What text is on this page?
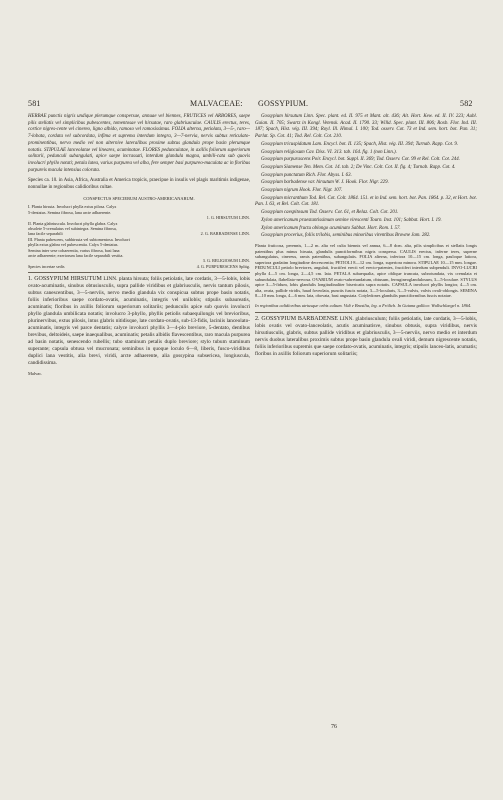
581	MALVACEAE: GOSSYPIUM.	582

HERBAE punctis nigris undique plerumque conspersae, annuae vel biennes, FRUTICES vel ARBORES, saepe pilis stellatis vel simplicibus pubescentes, tomentosae vel hirsutae, raro glabriusculae. CAULIS erectus, teres, cortice nigres-cente vel cinereo, ligno albido, ramoso vel ramosissimus. FOLIA alterna, petiolata, 3—5-, raro—7-lobata, cordata vel subcordata, infima et suprema interdum integra, 3—7-nervia, nervis subtus reticulato-prominentibus, nervo medio vel non alternive lateralibus proxime subtus glandula prope basin plerumque notatis. STIPULAE lanceolatae vel lineares, acuminatae. FLORES pedunculatae, in axillis foliorum superiorum solitarii, pedunculi subangulati, apice saepe incrassati, interdum glandula magna, umbili-cata sub quovis involucri phyllo notati; petala lutea, varius purpurea vel alba, fere semper basi purpureo-maculata ac in floribus purpureis macula intensius colorata.

Species ca. 10. in Asia, Africa, Australia et America tropicis, praecipue in insulis vel plagis maritimis indigenae, nonnullae in regionibus calidioribus cultae.

CONSPECTUS SPECIERUM AUSTRO-AMERICANARUM.
I. Planta hirsuta. Involucri phylla extus pilosa. Calyx
5-dentatus. Semina fibrosa, lana arcte adhaerente.
1. G. HIRSUTUM LINN.
II. Planta glabriuscula. Involucri phylla glabra. Calyx
obsolete 5-crenulatus vel subintegra. Semina fibrosa,
lana facile separabili	2. G. BARBADENSE LINN.
III. Planta pubescens, subhirsuta vel subtomentosa. Involucri
phylla extus glabra vel pubescentia. Calyx 5-dentatus.
Semina inter sese cohaerentia, varius fibrosa, basi lana
arcte adhaerente; exeriorum lana facile separabili vestita.
3. G. RELIGIOSUM LINN.
Species incertae sedis	4. G. PURPURESCENS Splitg.

1. GOSSYPIUM HIRSUTUM LINN. planta hirsuta; foliis petiolatis, late cordatis, 3—5-lobis, lobis ovato-acuminatis, sinubus obtusiusculis, supra pallide viridibus et glabriusculis, nervis tantum pilosis, subtus canescentibus, 3—5-nerviis, nervo medio glandula vix conspicua subtus prope basin notatis, foliis inferioribus saepe cordato-ovatis, acuminatis, integris vel unilobis; stipulis subaureatis, acuminatis; floribus in axillis foliorum superiorum solitariis; pedunculis apice sub quovis involucri phyllo glandula umbilicata notatis; involucro 3-phyllo, phyllis petiolis subaequilongis vel brevioribus, plurinervibus, extus pilosis, intus glabris nitidisque, late cordato-ovatis, sub-13-fidis, laciniis lanceolato-acuminatis, integris vel parce dentatis; calyce involucri phyllis 3—4-plo breviore, 5-dentato, dentibus brevibus, deltoideis, saepe inaequalibus, acuminatis; petalis albidis flavescentibus, raro macula purpurea ad basin notatis, senescendo rubellis; tubo staminum petalis duplo breviore; stylo tubum staminum superante; capsula obtusa vel mucronata; seminibus in quoque loculo 6—8, liberis, fusco-viridibus duplici lana vestitis, alia brevi, viridi, arcte adhaerente, alia gossypina subsericea, longiuscula, candidissima.

Malvac.

Gossypium hirsutum Linn. Spec. plant. ed. II. 975 et Mant. alt. 436; Ait. Hort. Kew. ed. II. IV. 223; Aubl. Guian. II. 705; Swartz in Kongl. Vetensk. Acad. II. 1790. 33; Willd. Spec. plant. III. 806; Roxb. Flor. Ind. III. 187; Spach, Hist. vég. III. 394; Royl. Ill. Himal. I. 100; Tod. osserv. Cot. 73 et Ind. sem. hort. bot. Pan. 31; Parlat. Sp. Cot. 41; Tod. Rel. Colt. Cot. 210.

Gossypium tricuspidatum Lam. Encycl. bot. II. 135; Spach, Hist. vég. III. 394; Turnab. Rapp. Cot. 9.

Gossypium religiosum Cav. Diss. VI. 313. tab. 164. fig. 1 (non Linn.).

Gossypium purpurascens Poir. Encycl. bot. Suppl. II. 369; Tod. Osserv. Cot. 99 et Rel. Colt. Cot. 244.

Gossypium Siamense Ten. Mem. Cot. 14. tab. 2; De Vinc. Colt. Cot. II. fig. 4; Turnab. Rapp. Cot. 4.

Gossypium punctatum Rich. Flor. Abyss. I. 63.

Gossypium barbadense var. hirsutum W. J. Hook. Flor. Nigr. 229.

Gossypium nigrum Hook. Flor. Nigr. 107.

Gossypium micranthum Tod. Rel. Cot. Colt. 1864. 151. et in Ind. sem. hort. bot. Pan. 1864. p. 32, et Hort. bot. Pan. I. 63, et Rel. Colt. Cot. 181.

Gossypium caespitosum Tod. Osserv. Cot. 61, et Relaz. Colt. Cot. 201.

Xylon americanum praestantissimum semine virescenti Tourn. Inst. 101; Sabbat. Hort. I. 19.

Xylon americanum fructu oblongo acuminato Sabbat. Hort. Rom. I. 57.

Gossypium procerius, foliis trilobis, seminibus minoribus virentibus Browne Jam. 282.

Planta fruticosa, perennis, 1—2 m. alta vel culta biennis vel annua, 6—8 dcm. alta, pilis simplicibus et stellatis longis patentibus plus minus hirsuta, glandulis punctiformibus nigris conspersa. CAULIS erectus, inferne teres, superne subangulatus, cinereus, ramis patentibus, subangulatis. FOLIA alterna, inferiora 10—15 cm. longa, pauloque latiora, superiora gradatim longitudine decrescentia; PETIOLI 8—12 cm. longa, superiora minora. STIPULAE 10—15 mm. longae. PEDUNCULI petiolo breviores, angulati, fructiferi erecti vel erecto-patentes, fructiferi interdum subpenduli. INVO-LUCRI phylla 4—5 cm. longa, 2—4,5 cm. lata. PETALA subaequalia, apice oblique truncata, subrotundata, vix crenulata et subundulata, flabellato-nervosa. OVARIUM ovato-subretundatum, obtusum, ferrugineoglandulosum, 3—5-loculare. STYLUS apice 3—5-fidum, lobis glandulis longitudinaliter bisericatis supra notatis. CAPSULA involucri phyllis longior, 4—5 cm. alta, ovata, pallide viridis, haud foveolata, punctis fuscis notata, 3—5-locularis, 3—5-valvis, valvis ovali-oblongis. SEMINA 8—10 mm. longa, 4—6 mm. lata, obovata, basi angustata. Cotyledones glandulis punctiformibus fuscis notatae.

In regionibus calidioribus utriusque orbis cultum. Vidi e Brasilia, leg. a Frölich. In Guiana gallica: Wullschlaegel n. 1864.

2. GOSSYPIUM BARBADENSE LINN. glabriusculum; foliis petiolatis, late cordatis, 3—5-lobis, lobis ovatis vel ovato-lanceolatis, acutis acuminatisve, sinubus obtusis, supra viridibus, nervis hirsutiusculis, glabris, subtus pallide viridibus et glabriusculis, 3—5-nerviis, nervo medio et interdum nervis duobus lateralibus proximis subtus prope basin glandula ovali viridi, demum nigrescente notatis, foliis inferioribus supremis que saepe cordato-ovatis, acuminatis, integris; stipulis lanceo-latis, acumatis; floribus in axillis foliorum superiorum solitariis;

76
